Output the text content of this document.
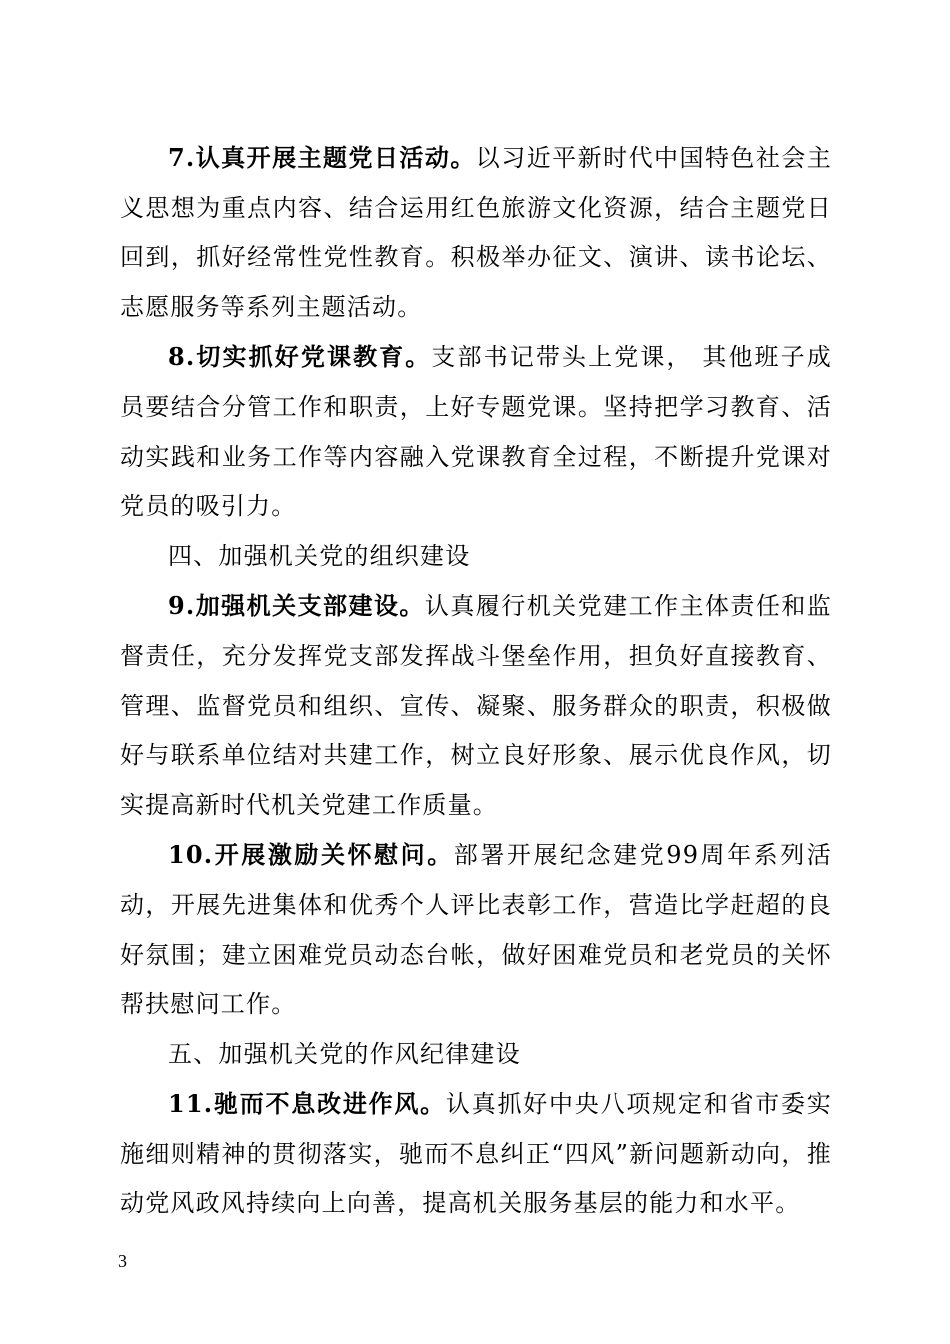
7.认真开展主题党日活动。以习近平新时代中国特色社会主义思想为重点内容、结合运用红色旅游文化资源，结合主题党日回到，抓好经常性党性教育。积极举办征文、演讲、读书论坛、志愿服务等系列主题活动。

8.切实抓好党课教育。支部书记带头上党课， 其他班子成员要结合分管工作和职责，上好专题党课。坚持把学习教育、活动实践和业务工作等内容融入党课教育全过程，不断提升党课对党员的吸引力。

四、加强机关党的组织建设

9.加强机关支部建设。认真履行机关党建工作主体责任和监督责任，充分发挥党支部发挥战斗堡垒作用，担负好直接教育、管理、监督党员和组织、宣传、凝聚、服务群众的职责，积极做好与联系单位结对共建工作，树立良好形象、展示优良作风，切实提高新时代机关党建工作质量。

10.开展激励关怀慰问。部署开展纪念建党99周年系列活动，开展先进集体和优秀个人评比表彰工作，营造比学赶超的良好氛围；建立困难党员动态台帐，做好困难党员和老党员的关怀帮扶慰问工作。

五、加强机关党的作风纪律建设

11.驰而不息改进作风。认真抓好中央八项规定和省市委实施细则精神的贯彻落实，驰而不息纠正“四风”新问题新动向，推动党风政风持续向上向善，提高机关服务基层的能力和水平。

3
